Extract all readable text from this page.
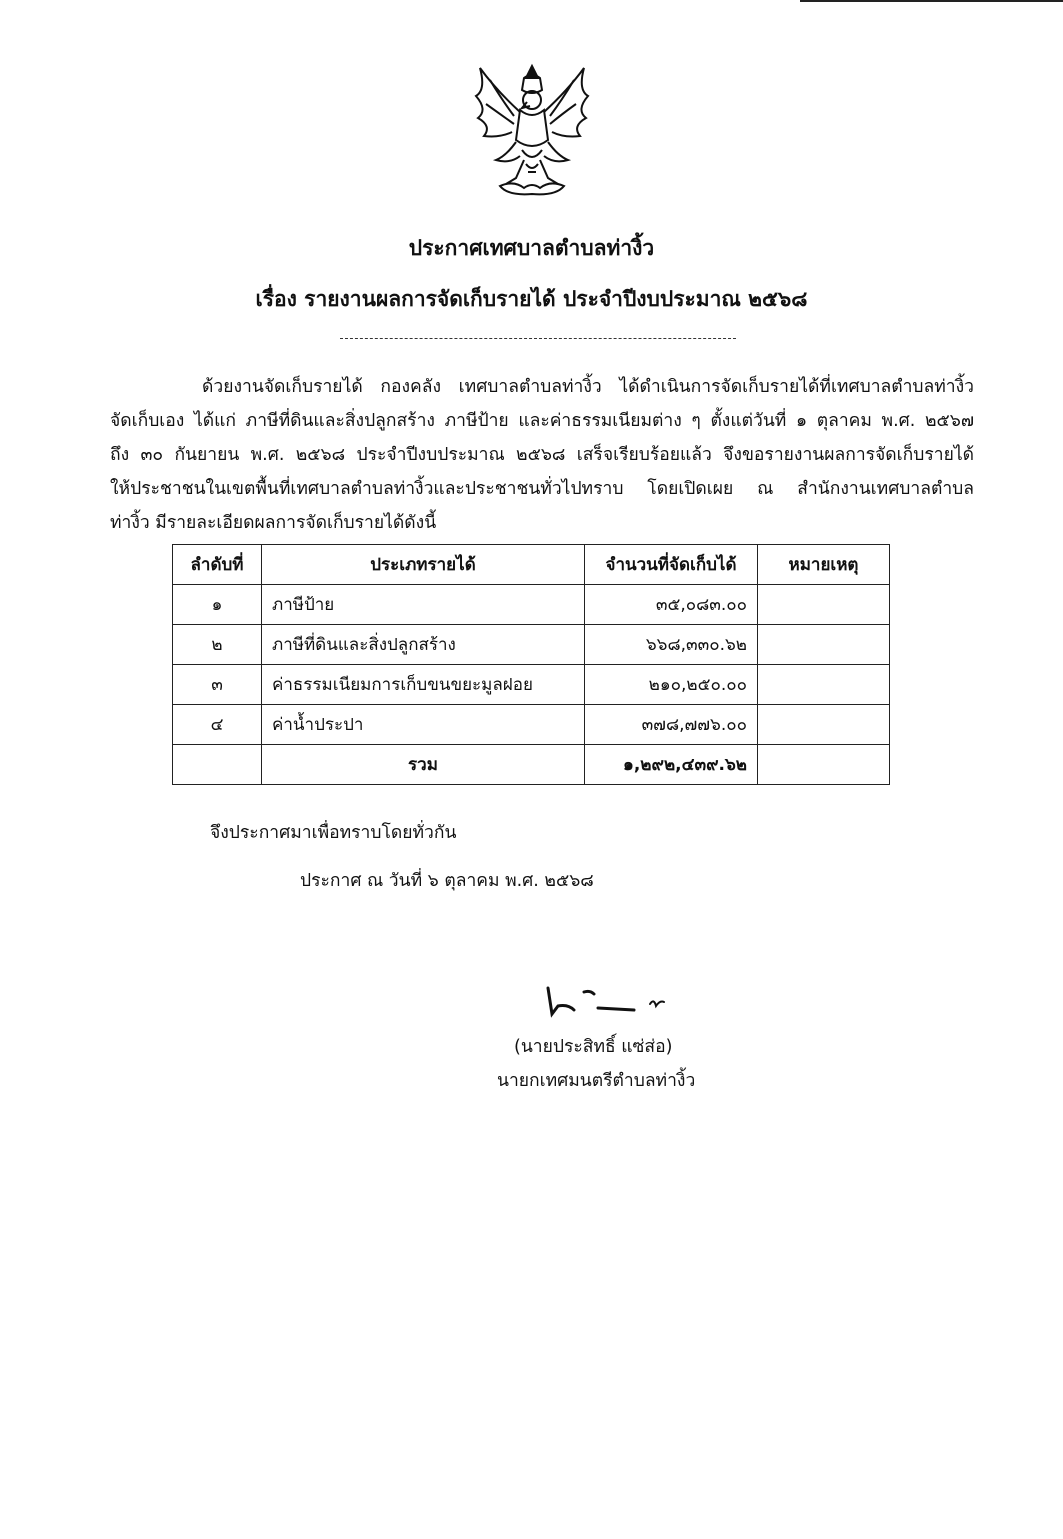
ประกาศเทศบาลตำบลท่างิ้ว
เรื่อง รายงานผลการจัดเก็บรายได้ ประจำปีงบประมาณ ๒๕๖๘
ด้วยงานจัดเก็บรายได้ กองคลัง เทศบาลตำบลท่างิ้ว ได้ดำเนินการจัดเก็บรายได้ที่เทศบาลตำบลท่างิ้ว
จัดเก็บเอง ได้แก่ ภาษีที่ดินและสิ่งปลูกสร้าง ภาษีป้าย และค่าธรรมเนียมต่าง ๆ ตั้งแต่วันที่ ๑ ตุลาคม พ.ศ. ๒๕๖๗
ถึง ๓๐ กันยายน พ.ศ. ๒๕๖๘ ประจำปีงบประมาณ ๒๕๖๘ เสร็จเรียบร้อยแล้ว จึงขอรายงานผลการจัดเก็บรายได้
ให้ประชาชนในเขตพื้นที่เทศบาลตำบลท่างิ้วและประชาชนทั่วไปทราบ โดยเปิดเผย ณ สำนักงานเทศบาลตำบล
ท่างิ้ว มีรายละเอียดผลการจัดเก็บรายได้ดังนี้
ลำดับที่	ประเภทรายได้	จำนวนที่จัดเก็บได้	หมายเหตุ
๑	ภาษีป้าย	๓๕,๐๘๓.๐๐	
๒	ภาษีที่ดินและสิ่งปลูกสร้าง	๖๖๘,๓๓๐.๖๒	
๓	ค่าธรรมเนียมการเก็บขนขยะมูลฝอย	๒๑๐,๒๕๐.๐๐	
๔	ค่าน้ำประปา	๓๗๘,๗๗๖.๐๐	
	รวม	๑,๒๙๒,๔๓๙.๖๒	
จึงประกาศมาเพื่อทราบโดยทั่วกัน
ประกาศ ณ วันที่ ๖ ตุลาคม พ.ศ. ๒๕๖๘
(นายประสิทธิ์ แซ่ส่อ)
นายกเทศมนตรีตำบลท่างิ้ว
